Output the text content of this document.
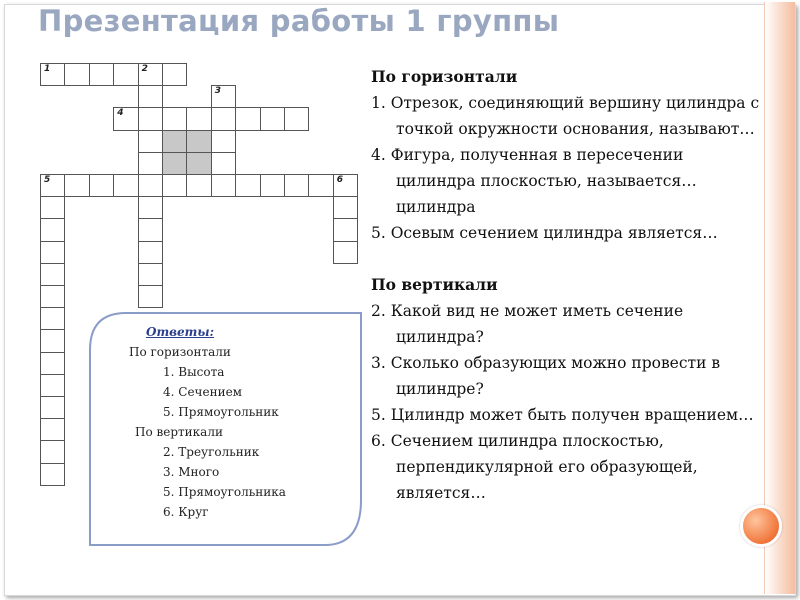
Презентация работы 1 группы
1	2
3
4
5	6
Ответы:
По горизонтали
1. Высота
4. Сечением
5. Прямоугольник
По вертикали
2. Треугольник
3. Много
5. Прямоугольника
6. Круг
По горизонтали
1. Отрезок, соединяющий вершину цилиндра с точкой окружности основания, называют…
4. Фигура, полученная в пересечении цилиндра плоскостью, называется… цилиндра
5. Осевым сечением цилиндра является…
По вертикали
2. Какой вид не может иметь сечение цилиндра?
3. Сколько образующих можно провести в цилиндре?
5. Цилиндр может быть получен вращением…
6. Сечением цилиндра плоскостью, перпендикулярной его образующей, является…
